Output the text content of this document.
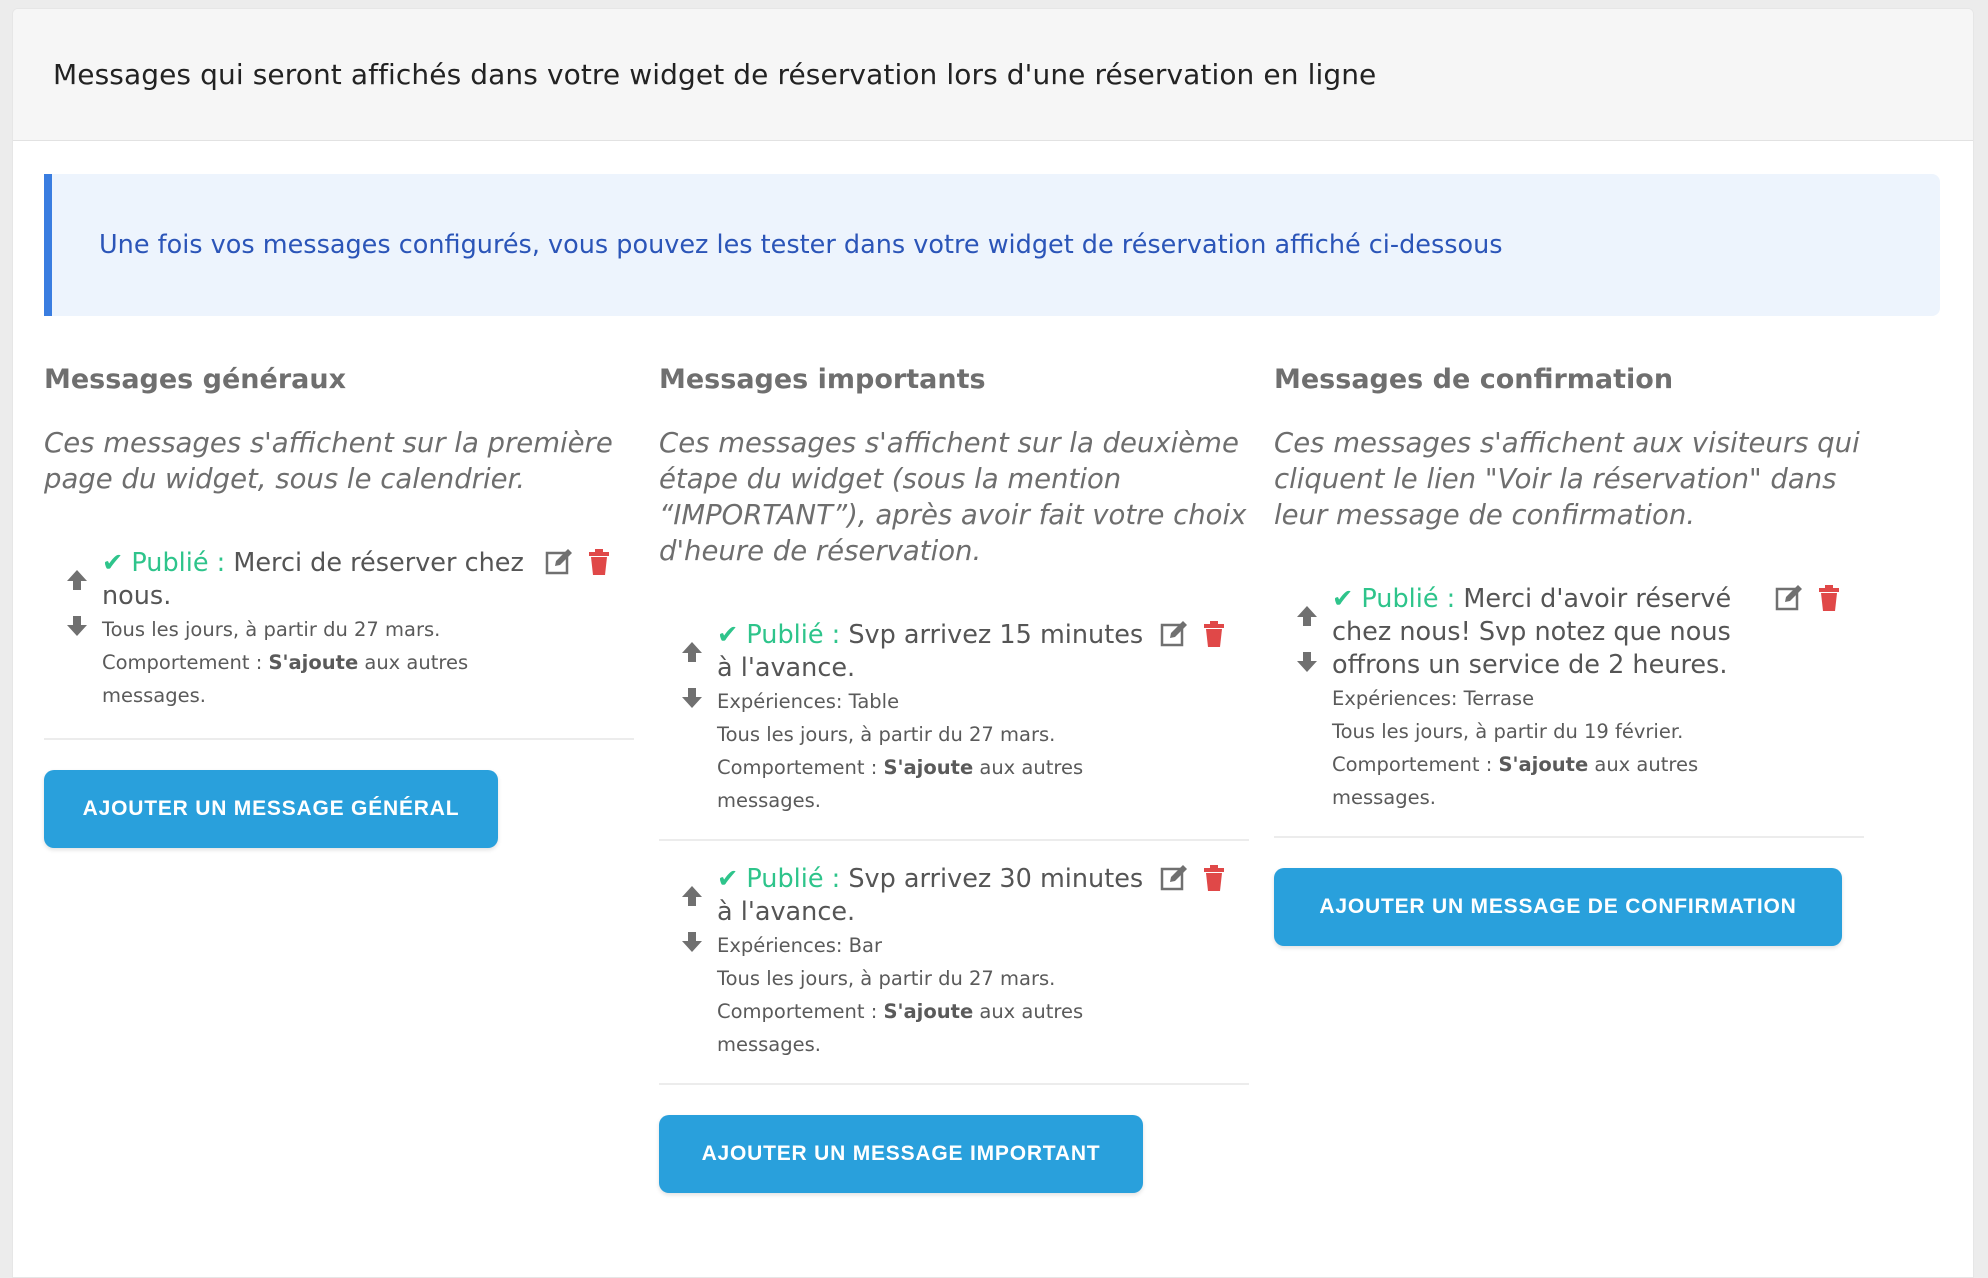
Messages qui seront affichés dans votre widget de réservation lors d'une réservation en ligne

Une fois vos messages configurés, vous pouvez les tester dans votre widget de réservation affiché ci-dessous

Messages généraux

Ces messages s'affichent sur la première page du widget, sous le calendrier.

✔ Publié : Merci de réserver chez nous.
Tous les jours, à partir du 27 mars.
Comportement : S'ajoute aux autres messages.
AJOUTER UN MESSAGE GÉNÉRAL
Messages importants

Ces messages s'affichent sur la deuxième étape du widget (sous la mention “IMPORTANT”), après avoir fait votre choix d'heure de réservation.

✔ Publié : Svp arrivez 15 minutes à l'avance.
Expériences: Table
Tous les jours, à partir du 27 mars.
Comportement : S'ajoute aux autres messages.
✔ Publié : Svp arrivez 30 minutes à l'avance.
Expériences: Bar
Tous les jours, à partir du 27 mars.
Comportement : S'ajoute aux autres messages.
AJOUTER UN MESSAGE IMPORTANT
Messages de confirmation

Ces messages s'affichent aux visiteurs qui cliquent le lien "Voir la réservation" dans leur message de confirmation.

✔ Publié : Merci d'avoir réservé chez nous! Svp notez que nous offrons un service de 2 heures.
Expériences: Terrase
Tous les jours, à partir du 19 février.
Comportement : S'ajoute aux autres messages.
AJOUTER UN MESSAGE DE CONFIRMATION
